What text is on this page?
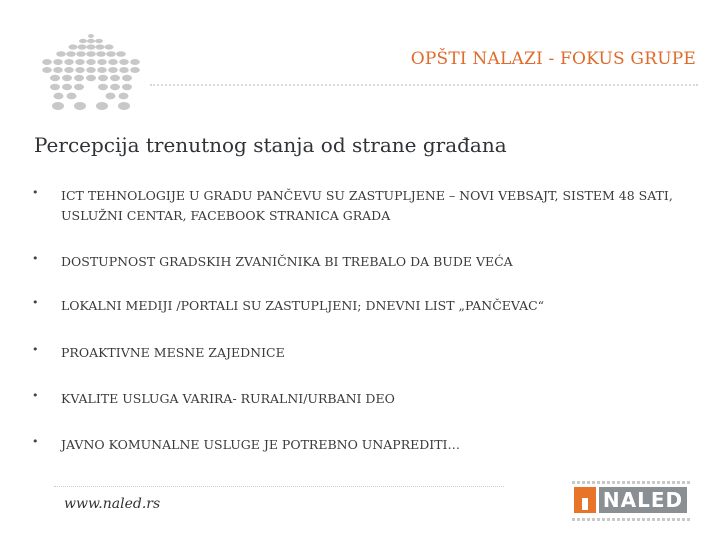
OPŠTI NALAZI - FOKUS GRUPE
Percepcija trenutnog stanja od strane građana
• ICT TEHNOLOGIJE U GRADU PANČEVU SU ZASTUPLJENE – NOVI VEBSAJT, SISTEM 48 SATI, USLUŽNI CENTAR, FACEBOOK STRANICA GRADA
• DOSTUPNOST GRADSKIH ZVANIČNIKA BI TREBALO DA BUDE VEĆA
• LOKALNI MEDIJI /PORTALI SU ZASTUPLJENI; DNEVNI LIST „PANČEVAC“
• PROAKTIVNE MESNE ZAJEDNICE
• KVALITE USLUGA VARIRA- RURALNI/URBANI DEO
• JAVNO KOMUNALNE USLUGE JE POTREBNO UNAPREDITI…
www.naled.rs	NALED
